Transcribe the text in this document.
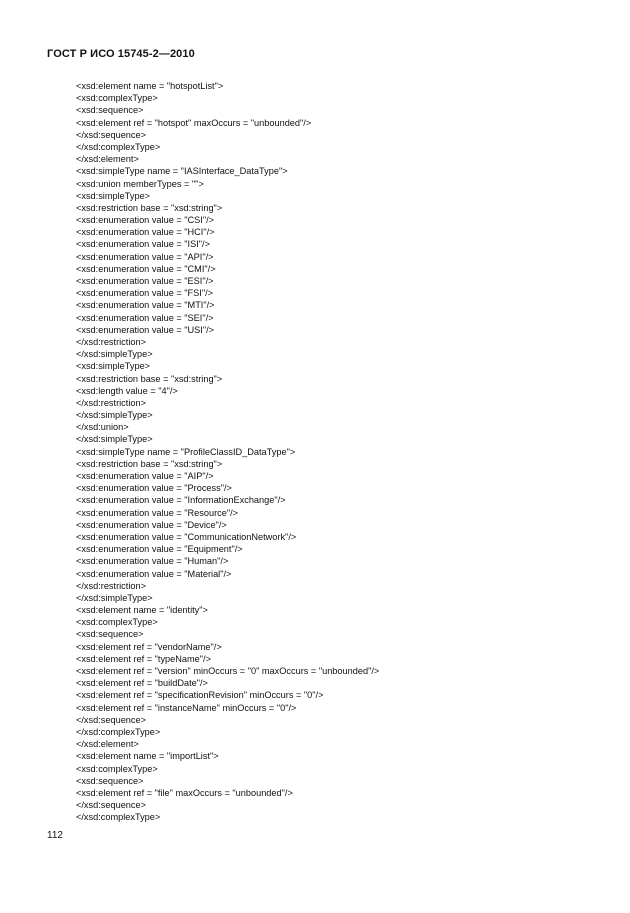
ГОСТ Р ИСО 15745-2—2010
<xsd:element name = "hotspotList">
<xsd:complexType>
<xsd:sequence>
<xsd:element ref = "hotspot" maxOccurs = "unbounded"/>
</xsd:sequence>
</xsd:complexType>
</xsd:element>
<xsd:simpleType name = "IASInterface_DataType">
<xsd:union memberTypes = "">
<xsd:simpleType>
<xsd:restriction base = "xsd:string">
<xsd:enumeration value = "CSI"/>
<xsd:enumeration value = "HCI"/>
<xsd:enumeration value = "ISI"/>
<xsd:enumeration value = "API"/>
<xsd:enumeration value = "CMI"/>
<xsd:enumeration value = "ESI"/>
<xsd:enumeration value = "FSI"/>
<xsd:enumeration value = "MTI"/>
<xsd:enumeration value = "SEI"/>
<xsd:enumeration value = "USI"/>
</xsd:restriction>
</xsd:simpleType>
<xsd:simpleType>
<xsd:restriction base = "xsd:string">
<xsd:length value = "4"/>
</xsd:restriction>
</xsd:simpleType>
</xsd:union>
</xsd:simpleType>
<xsd:simpleType name = "ProfileClassID_DataType">
<xsd:restriction base = "xsd:string">
<xsd:enumeration value = "AIP"/>
<xsd:enumeration value = "Process"/>
<xsd:enumeration value = "InformationExchange"/>
<xsd:enumeration value = "Resource"/>
<xsd:enumeration value = "Device"/>
<xsd:enumeration value = "CommunicationNetwork"/>
<xsd:enumeration value = "Equipment"/>
<xsd:enumeration value = "Human"/>
<xsd:enumeration value = "Material"/>
</xsd:restriction>
</xsd:simpleType>
<xsd:element name = "identity">
<xsd:complexType>
<xsd:sequence>
<xsd:element ref = "vendorName"/>
<xsd:element ref = "typeName"/>
<xsd:element ref = "version" minOccurs = "0" maxOccurs = "unbounded"/>
<xsd:element ref = "buildDate"/>
<xsd:element ref = "specificationRevision" minOccurs = "0"/>
<xsd:element ref = "instanceName" minOccurs = "0"/>
</xsd:sequence>
</xsd:complexType>
</xsd:element>
<xsd:element name = "importList">
<xsd:complexType>
<xsd:sequence>
<xsd:element ref = "file" maxOccurs = "unbounded"/>
</xsd:sequence>
</xsd:complexType>
112
